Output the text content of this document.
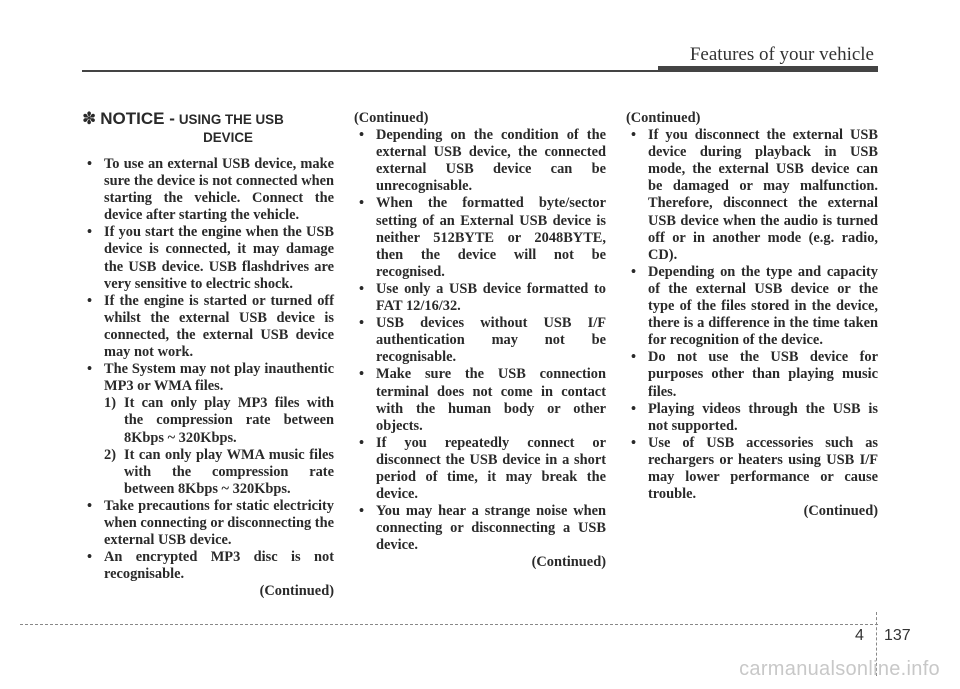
Features of your vehicle
✽ NOTICE - USING THE USB
DEVICE
• To use an external USB device, make sure the device is not connected when starting the vehicle. Connect the device after starting the vehicle.
• If you start the engine when the USB device is connected, it may damage the USB device. USB flashdrives are very sensitive to electric shock.
• If the engine is started or turned off whilst the external USB device is connected, the external USB device may not work.
• The System may not play inauthentic MP3 or WMA files.
1) It can only play MP3 files with the compression rate between 8Kbps ~ 320Kbps.
2) It can only play WMA music files with the compression rate between 8Kbps ~ 320Kbps.
• Take precautions for static electricity when connecting or disconnecting the external USB device.
• An encrypted MP3 disc is not recognisable.

(Continued)

(Continued)

• Depending on the condition of the external USB device, the connected external USB device can be unrecognisable.
• When the formatted byte/sector setting of an External USB device is neither 512BYTE or 2048BYTE, then the device will not be recognised.
• Use only a USB device formatted to FAT 12/16/32.
• USB devices without USB I/F authentication may not be recognisable.
• Make sure the USB connection terminal does not come in contact with the human body or other objects.
• If you repeatedly connect or disconnect the USB device in a short period of time, it may break the device.
• You may hear a strange noise when connecting or disconnecting a USB device.

(Continued)

(Continued)

• If you disconnect the external USB device during playback in USB mode, the external USB device can be damaged or may malfunction. Therefore, disconnect the external USB device when the audio is turned off or in another mode (e.g. radio, CD).
• Depending on the type and capacity of the external USB device or the type of the files stored in the device, there is a difference in the time taken for recognition of the device.
• Do not use the USB device for purposes other than playing music files.
• Playing videos through the USB is not supported.
• Use of USB accessories such as rechargers or heaters using USB I/F may lower performance or cause trouble.

(Continued)

4 137
carmanualsonline.info
